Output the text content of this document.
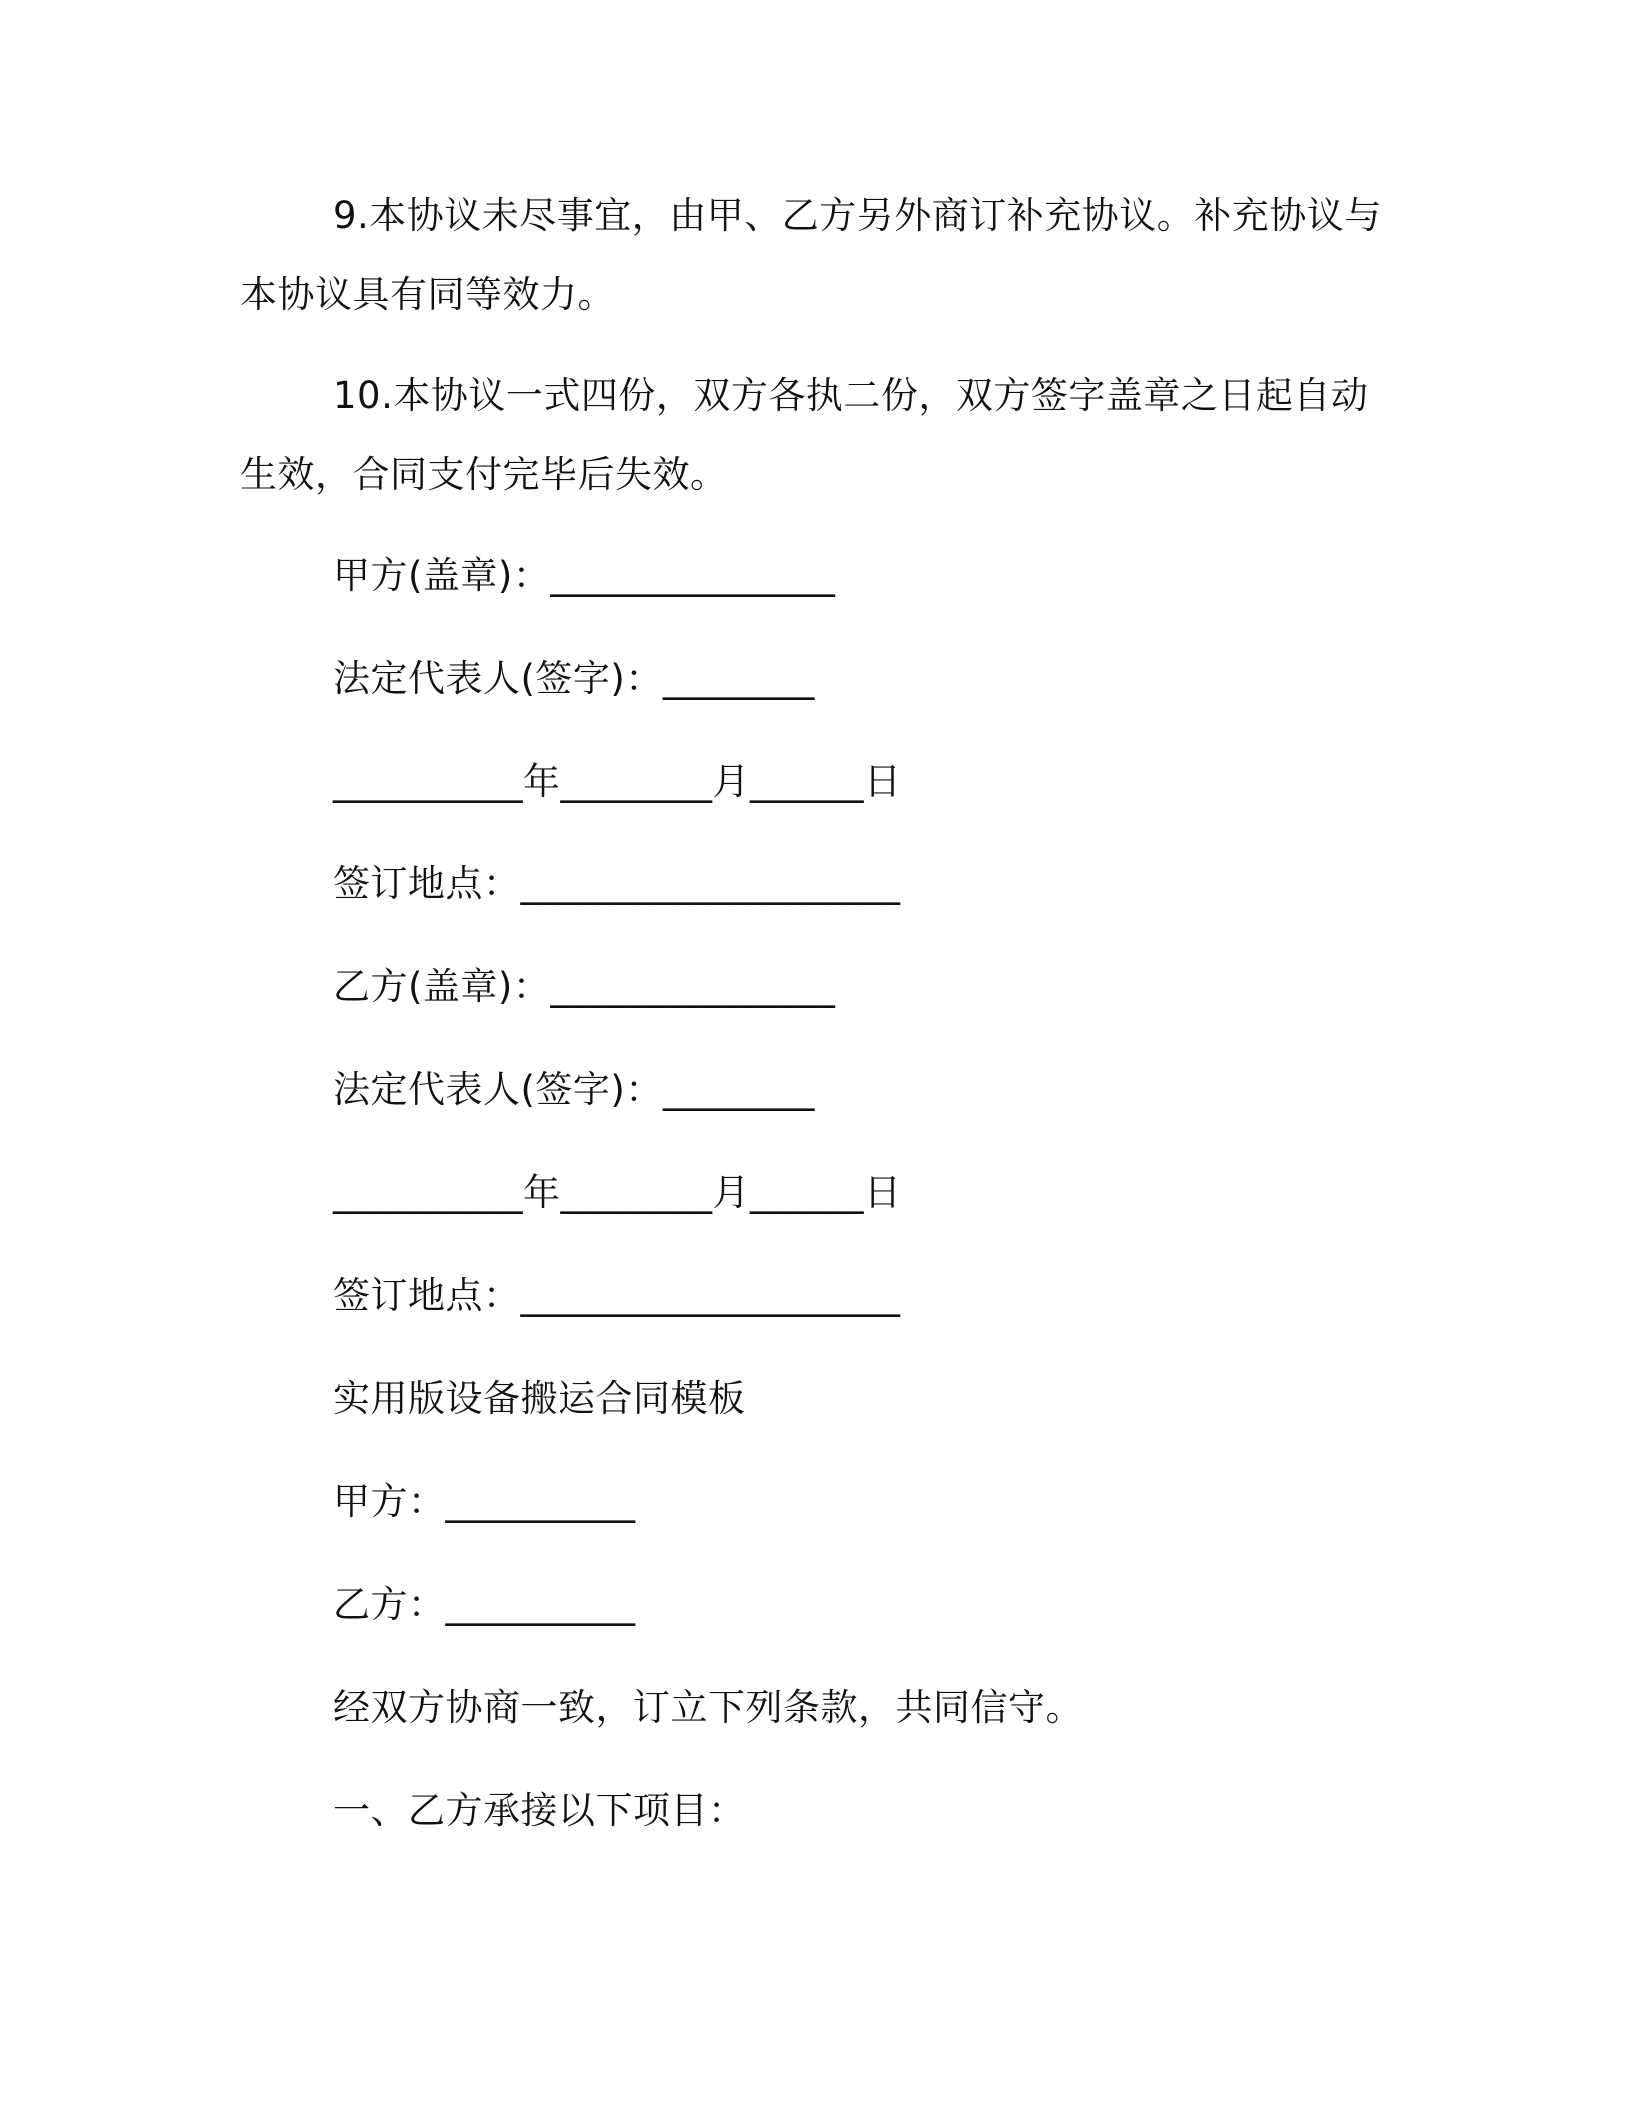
9.本协议未尽事宜，由甲、乙方另外商订补充协议。补充协议与
本协议具有同等效力。
10.本协议一式四份，双方各执二份，双方签字盖章之日起自动
生效，合同支付完毕后失效。
甲方(盖章)：_______________
法定代表人(签字)：________
__________年________月______日
签订地点：____________________
乙方(盖章)：_______________
法定代表人(签字)：________
__________年________月______日
签订地点：____________________
实用版设备搬运合同模板
甲方：__________
乙方：__________
经双方协商一致，订立下列条款，共同信守。
一、乙方承接以下项目：
